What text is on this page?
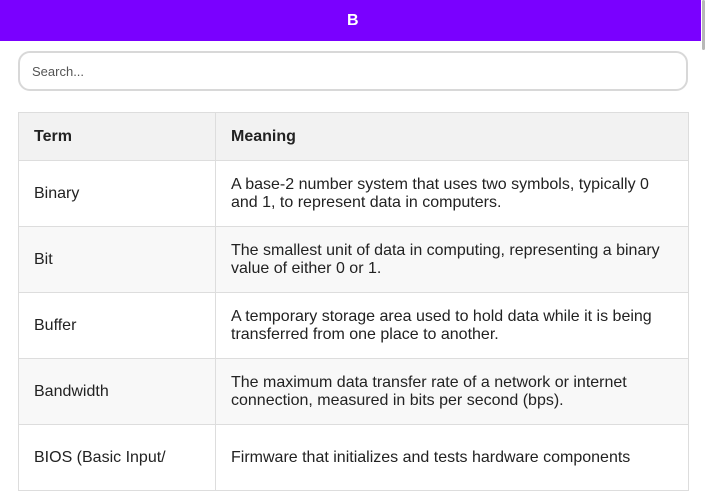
B
Search...
Term	Meaning
Binary	A base-2 number system that uses two symbols, typically 0 and 1, to represent data in computers.
Bit	The smallest unit of data in computing, representing a binary value of either 0 or 1.
Buffer	A temporary storage area used to hold data while it is being transferred from one place to another.
Bandwidth	The maximum data transfer rate of a network or internet connection, measured in bits per second (bps).
BIOS (Basic Input/	Firmware that initializes and tests hardware components
